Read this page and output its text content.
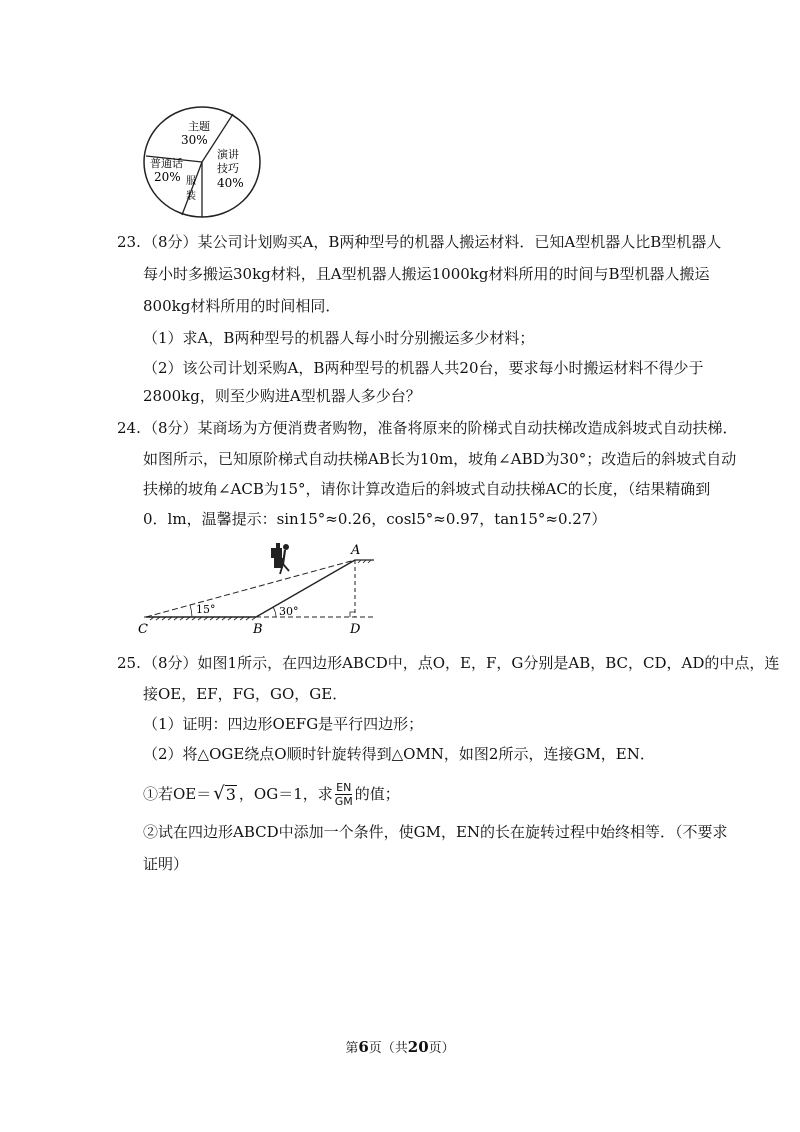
主题
30%
演讲
技巧
40%
普通话
20% 服
装
23. （8分）某公司计划购买A，B两种型号的机器人搬运材料．已知A型机器人比B型机器人
每小时多搬运30kg材料，且A型机器人搬运1000kg材料所用的时间与B型机器人搬运
800kg材料所用的时间相同．
（1）求A，B两种型号的机器人每小时分别搬运多少材料；
（2）该公司计划采购A，B两种型号的机器人共20台，要求每小时搬运材料不得少于
2800kg，则至少购进A型机器人多少台？
24. （8分）某商场为方便消费者购物，准备将原来的阶梯式自动扶梯改造成斜坡式自动扶梯．
如图所示，已知原阶梯式自动扶梯AB长为10m，坡角∠ABD为30°；改造后的斜坡式自动
扶梯的坡角∠ACB为15°，请你计算改造后的斜坡式自动扶梯AC的长度，（结果精确到
0．lm，温馨提示：sin15°≈0.26，cosl5°≈0.97，tan15°≈0.27）
A
B
C	D
15°	30°
25. （8分）如图1所示，在四边形ABCD中，点O，E，F，G分别是AB，BC，CD，AD的中点，连
接OE，EF，FG，GO，GE．
（1）证明：四边形OEFG是平行四边形；
（2）将△OGE绕点O顺时针旋转得到△OMN，如图2所示，连接GM，EN．
①若OE＝ √ 3 ，OG＝1，求 $\frac{EN}{GM}$ 的值；
②试在四边形ABCD中添加一个条件，使GM，EN的长在旋转过程中始终相等．（不要求
证明）
第6页（共20页）
